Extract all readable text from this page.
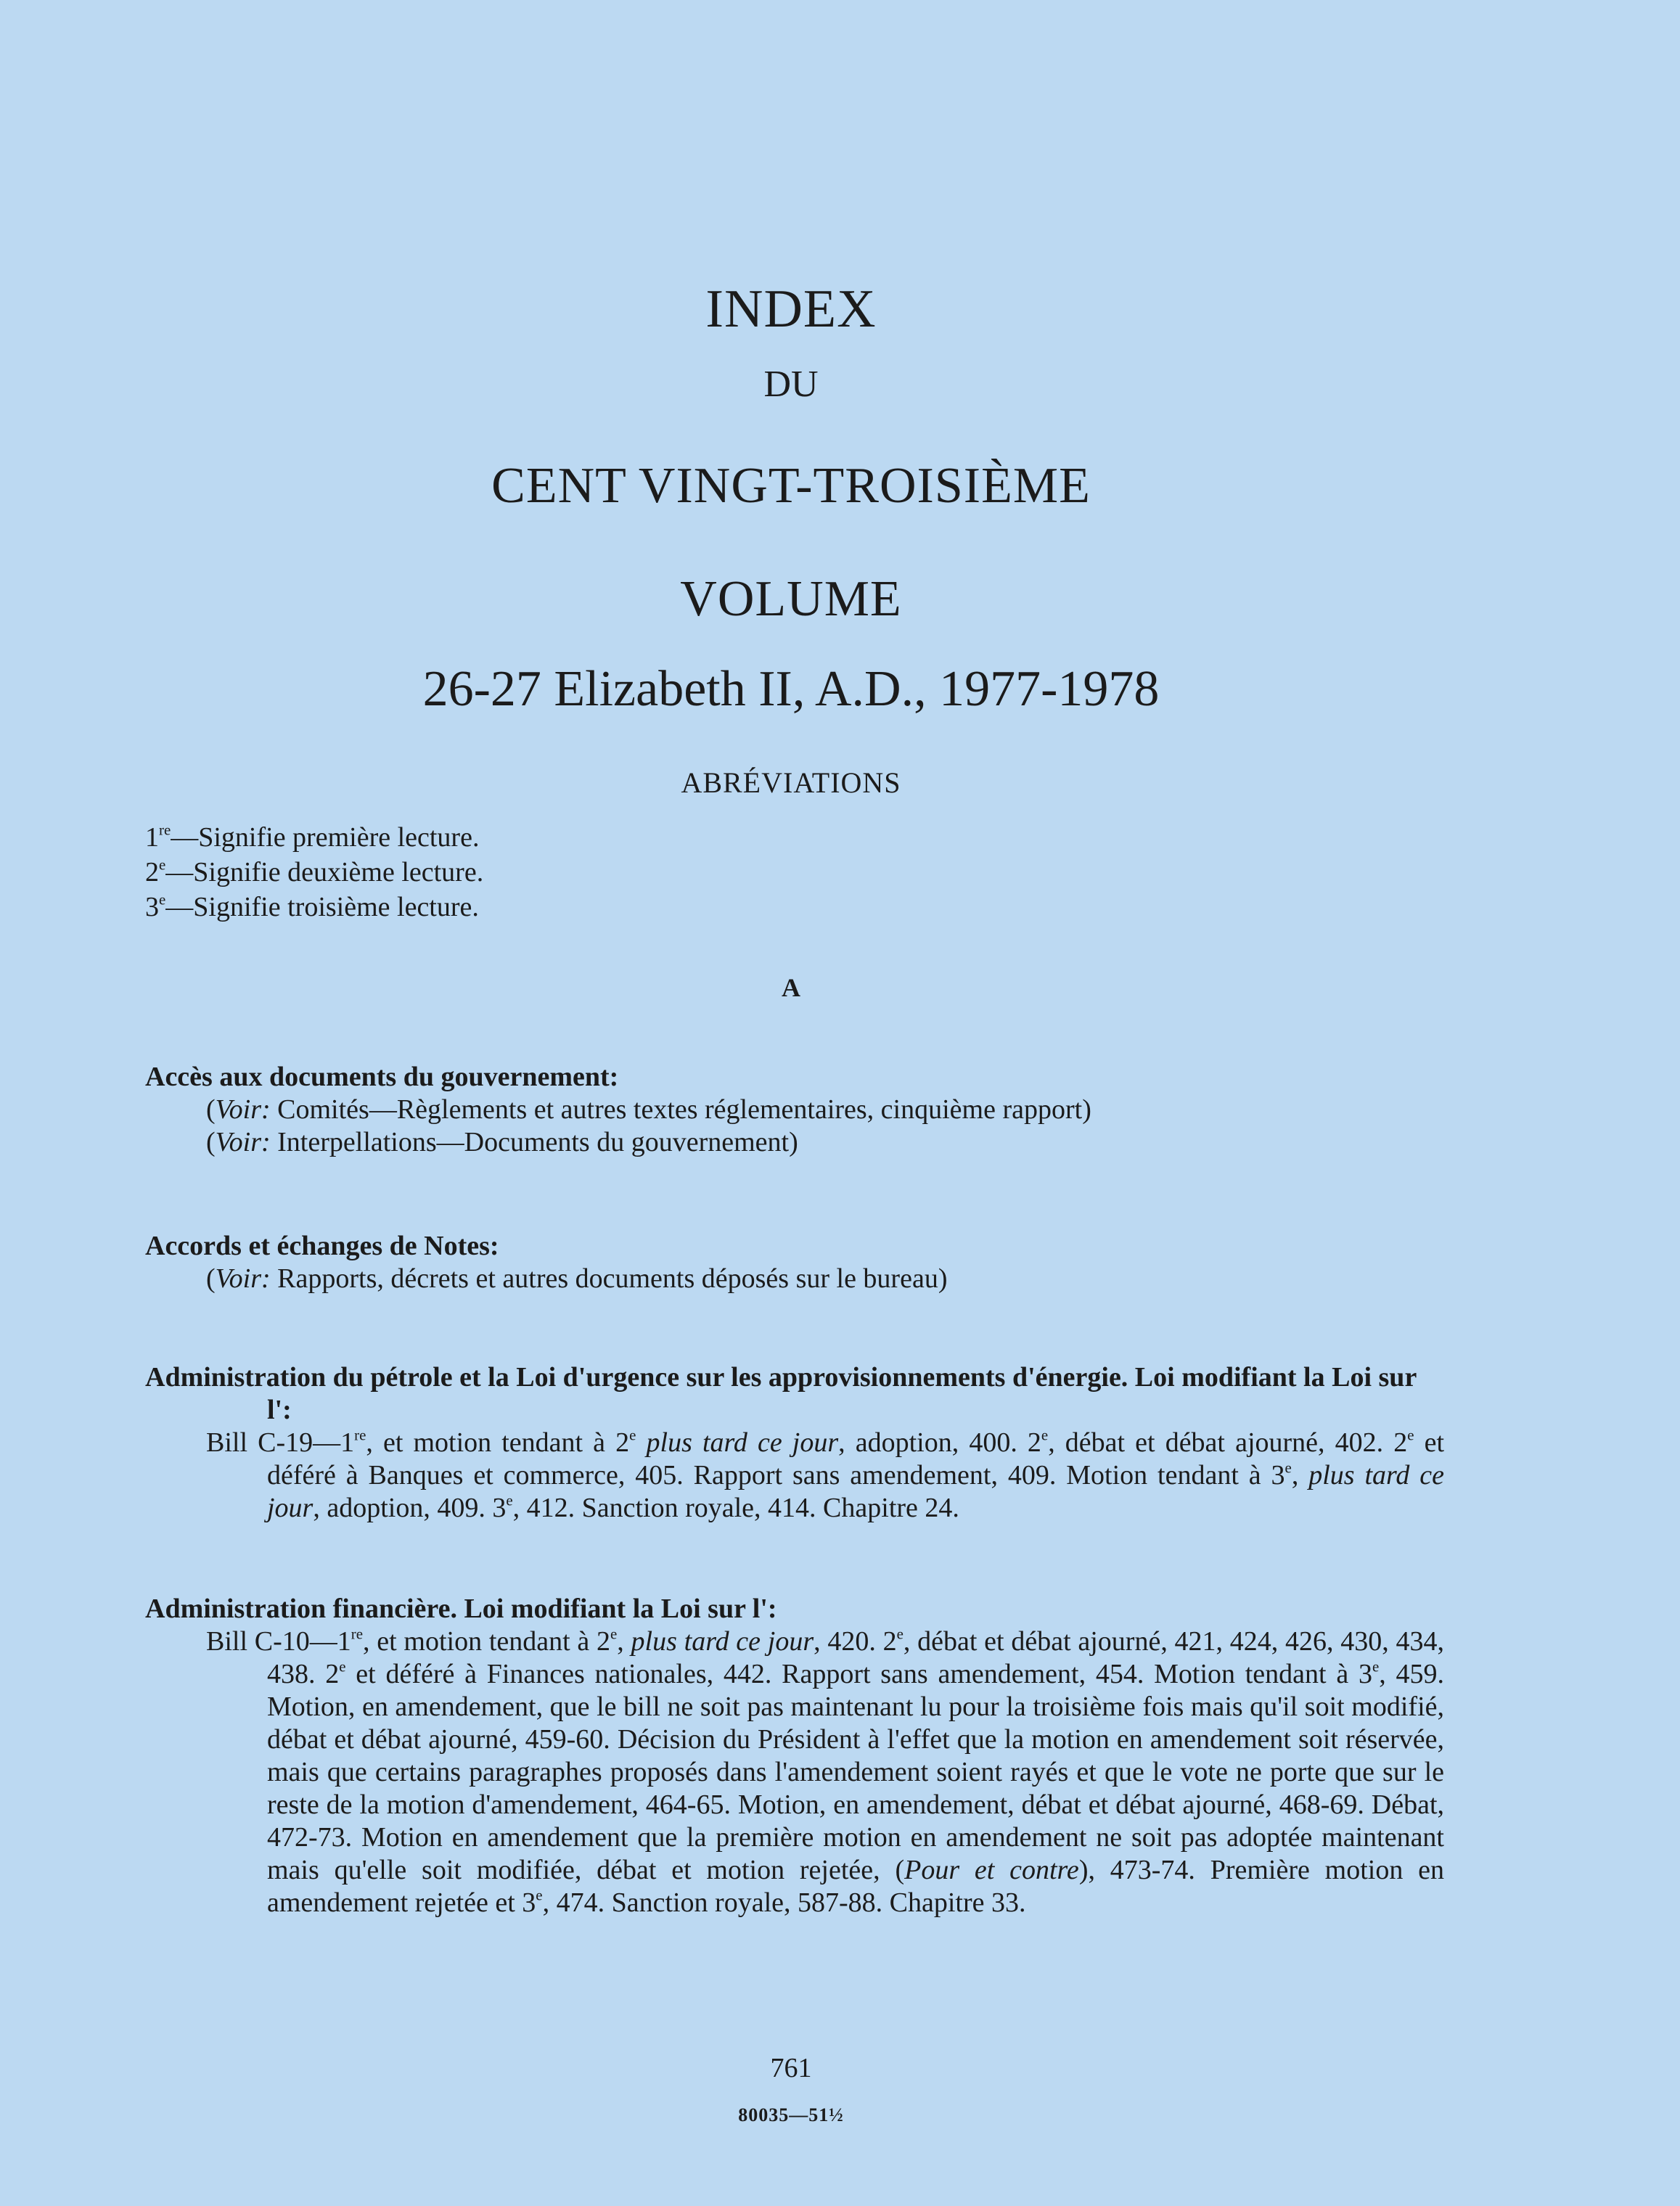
INDEX
DU
CENT VINGT-TROISIÈME
VOLUME
26-27 Elizabeth II, A.D., 1977-1978
ABRÉVIATIONS
1re—Signifie première lecture.
2e—Signifie deuxième lecture.
3e—Signifie troisième lecture.
A
Accès aux documents du gouvernement:
(Voir: Comités—Règlements et autres textes réglementaires, cinquième rapport)
(Voir: Interpellations—Documents du gouvernement)
Accords et échanges de Notes:
(Voir: Rapports, décrets et autres documents déposés sur le bureau)
Administration du pétrole et la Loi d'urgence sur les approvisionnements d'énergie. Loi modifiant la Loi sur l':
Bill C-19—1re, et motion tendant à 2e plus tard ce jour, adoption, 400. 2e, débat et débat ajourné, 402. 2e et déféré à Banques et commerce, 405. Rapport sans amendement, 409. Motion tendant à 3e, plus tard ce jour, adoption, 409. 3e, 412. Sanction royale, 414. Chapitre 24.
Administration financière. Loi modifiant la Loi sur l':
Bill C-10—1re, et motion tendant à 2e, plus tard ce jour, 420. 2e, débat et débat ajourné, 421, 424, 426, 430, 434, 438. 2e et déféré à Finances nationales, 442. Rapport sans amendement, 454. Motion tendant à 3e, 459. Motion, en amendement, que le bill ne soit pas maintenant lu pour la troisième fois mais qu'il soit modifié, débat et débat ajourné, 459-60. Décision du Président à l'effet que la motion en amendement soit réservée, mais que certains paragraphes proposés dans l'amendement soient rayés et que le vote ne porte que sur le reste de la motion d'amendement, 464-65. Motion, en amendement, débat et débat ajourné, 468-69. Débat, 472-73. Motion en amendement que la première motion en amendement ne soit pas adoptée maintenant mais qu'elle soit modifiée, débat et motion rejetée, (Pour et contre), 473-74. Première motion en amendement rejetée et 3e, 474. Sanction royale, 587-88. Chapitre 33.
761
80035—51½
